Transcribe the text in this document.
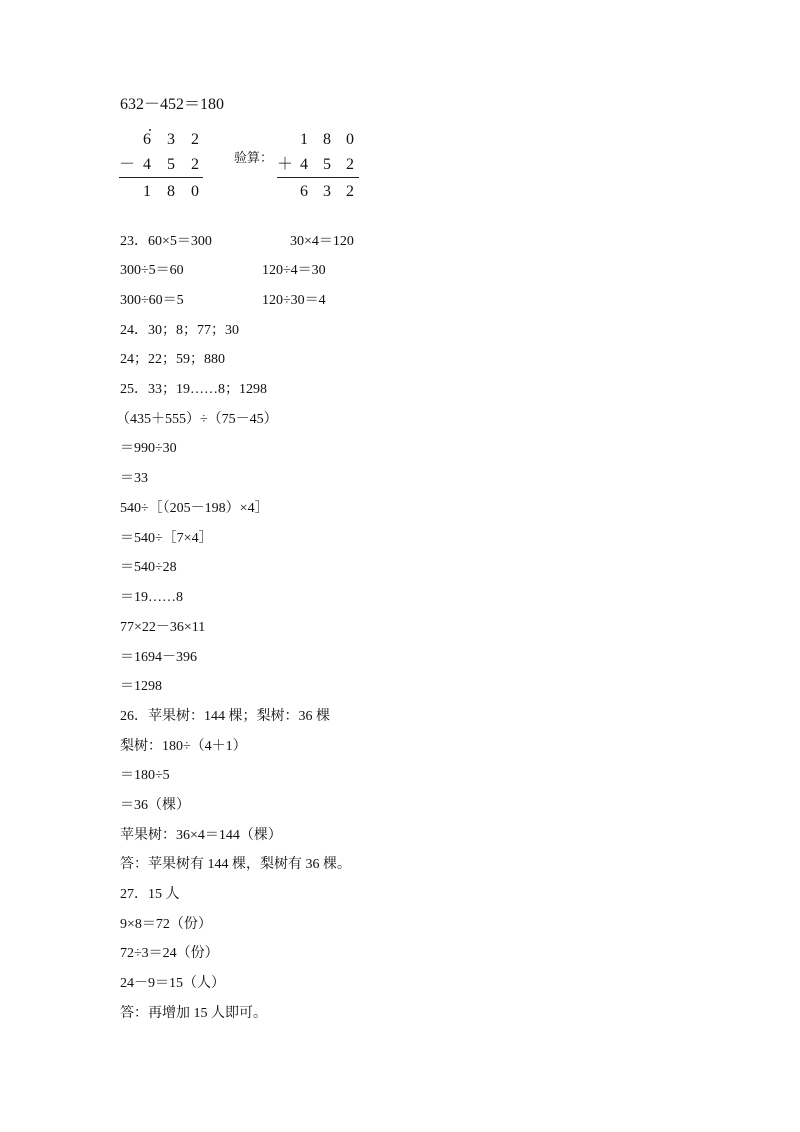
632－452＝180
6 3 2
－ 4 5 2
1 8 0
验算：
1 8 0
＋ 4 5 2
6 3 2
23．60×5＝300	30×4＝120
300÷5＝60	120÷4＝30
300÷60＝5	120÷30＝4
24．30；8；77；30
24；22；59；880
25．33；19……8；1298
（435＋555）÷（75－45）
＝990÷30
＝33
540÷［（205－198）×4］
＝540÷［7×4］
＝540÷28
＝19……8
77×22－36×11
＝1694－396
＝1298
26．苹果树：144 棵；梨树：36 棵
梨树：180÷（4＋1）
＝180÷5
＝36（棵）
苹果树：36×4＝144（棵）
答：苹果树有 144 棵，梨树有 36 棵。
27．15 人
9×8＝72（份）
72÷3＝24（份）
24－9＝15（人）
答：再增加 15 人即可。
